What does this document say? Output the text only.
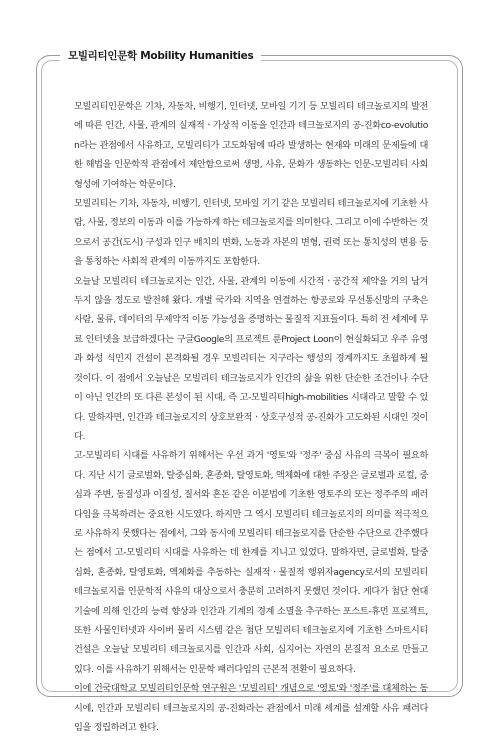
모빌리티인문학 Mobility Humanities

모빌리티인문학은 기차, 자동차, 비행기, 인터넷, 모바일 기기 등 모빌리티 테크놀로지의 발전에 따른 인간, 사물, 관계의 실재적ㆍ가상적 이동을 인간과 테크놀로지의 공-진화co-evolution라는 관점에서 사유하고, 모빌리티가 고도화됨에 따라 발생하는 현재와 미래의 문제들에 대한 해법을 인문학적 관점에서 제안함으로써 생명, 사유, 문화가 생동하는 인문-모빌리티 사회 형성에 기여하는 학문이다.

모빌리티는 기차, 자동차, 비행기, 인터넷, 모바일 기기 같은 모빌리티 테크놀로지에 기초한 사람, 사물, 정보의 이동과 이를 가능하게 하는 테크놀로지를 의미한다. 그리고 이에 수반하는 것으로서 공간(도시) 구성과 인구 배치의 변화, 노동과 자본의 변형, 권력 또는 통치성의 변용 등을 통칭하는 사회적 관계의 이동까지도 포함한다.

오늘날 모빌리티 테크놀로지는 인간, 사물, 관계의 이동에 시간적ㆍ공간적 제약을 거의 남겨두지 않을 정도로 발전해 왔다. 개별 국가와 지역을 연결하는 항공로와 무선통신망의 구축은 사람, 물류, 데이터의 무제약적 이동 가능성을 증명하는 물질적 지표들이다. 특히 전 세계에 무료 인터넷을 보급하겠다는 구글Google의 프로젝트 룬Project Loon이 현실화되고 우주 유영과 화성 식민지 건설이 본격화될 경우 모빌리티는 지구라는 행성의 경계까지도 초월하게 될 것이다. 이 점에서 오늘날은 모빌리티 테크놀로지가 인간의 삶을 위한 단순한 조건이나 수단이 아닌 인간의 또 다른 본성이 된 시대, 즉 고-모빌리티high-mobilities 시대라고 말할 수 있다. 말하자면, 인간과 테크놀로지의 상호보완적ㆍ상호구성적 공-진화가 고도화된 시대인 것이다.

고-모빌리티 시대를 사유하기 위해서는 우선 과거 '영토'와 '정주' 중심 사유의 극복이 필요하다. 지난 시기 글로벌화, 탈중심화, 혼종화, 탈영토화, 액체화에 대한 주장은 글로벌과 로컬, 중심과 주변, 동질성과 이질성, 질서와 혼돈 같은 이분법에 기초한 영토주의 또는 정주주의 패러다임을 극복하려는 중요한 시도였다. 하지만 그 역시 모빌리티 테크놀로지의 의미를 적극적으로 사유하지 못했다는 점에서, 그와 동시에 모빌리티 테크놀로지를 단순한 수단으로 간주했다는 점에서 고-모빌리티 시대를 사유하는 데 한계를 지니고 있었다. 말하자면, 글로벌화, 탈중심화, 혼종화, 탈영토화, 액체화를 추동하는 실재적ㆍ물질적 행위자agency로서의 모빌리티 테크놀로지를 인문학적 사유의 대상으로서 충분히 고려하지 못했던 것이다. 게다가 첨단 현대 기술에 의해 인간의 능력 향상과 인간과 기계의 경계 소멸을 추구하는 포스트-휴먼 프로젝트, 또한 사물인터넷과 사이버 물리 시스템 같은 첨단 모빌리티 테크놀로지에 기초한 스마트시티 건설은 오늘날 모빌리티 테크놀로지를 인간과 사회, 심지어는 자연의 본질적 요소로 만들고 있다. 이를 사유하기 위해서는 인문학 패러다임의 근본적 전환이 필요하다.

이에 건국대학교 모빌리티인문학 연구원은 '모빌리티' 개념으로 '영토'와 '정주'를 대체하는 동시에, 인간과 모빌리티 테크놀로지의 공-진화라는 관점에서 미래 세계를 설계할 사유 패러다임을 정립하려고 한다.
